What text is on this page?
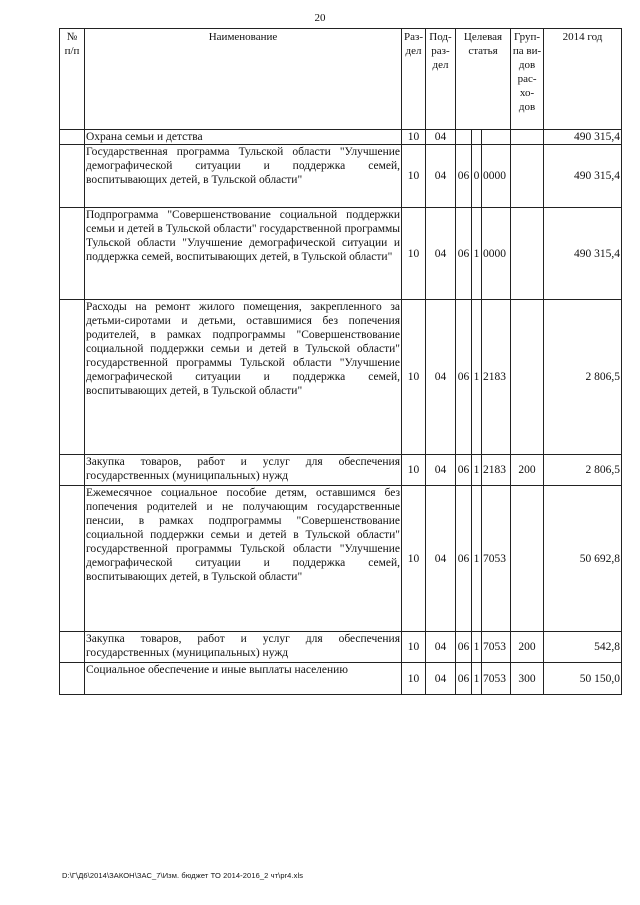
20
№ п/п	Наименование	Раз- дел	Под- раз- дел	Целевая статья			Груп- па ви- дов рас- хо- дов	2014 год
	Охрана семьи и детства	10	04					490 315,4
	Государственная программа Тульской области "Улучшение демографической ситуации и поддержка семей, воспитывающих детей, в Тульской области"	10	04	06	0	0000		490 315,4
	Подпрограмма "Совершенствование социальной поддержки семьи и детей в Тульской области" государственной программы Тульской области "Улучшение демографической ситуации и поддержка семей, воспитывающих детей, в Тульской области"	10	04	06	1	0000		490 315,4
	Расходы на ремонт жилого помещения, закрепленного за детьми-сиротами и детьми, оставшимися без попечения родителей, в рамках подпрограммы "Совершенствование социальной поддержки семьи и детей в Тульской области" государственной программы Тульской области "Улучшение демографической ситуации и поддержка семей, воспитывающих детей, в Тульской области"	10	04	06	1	2183		2 806,5
	Закупка товаров, работ и услуг для обеспечения государственных (муниципальных) нужд	10	04	06	1	2183	200	2 806,5
	Ежемесячное социальное пособие детям, оставшимся без попечения родителей и не получающим государственные пенсии, в рамках подпрограммы "Совершенствование социальной поддержки семьи и детей в Тульской области" государственной программы Тульской области "Улучшение демографической ситуации и поддержка семей, воспитывающих детей, в Тульской области"	10	04	06	1	7053		50 692,8
	Закупка товаров, работ и услуг для обеспечения государственных (муниципальных) нужд	10	04	06	1	7053	200	542,8
	Социальное обеспечение и иные выплаты населению	10	04	06	1	7053	300	50 150,0
D:\Г\Д6\2014\ЗАКОН\ЗАС_7\Изм. бюджет ТО 2014-2016_2 чт\pr4.xls
